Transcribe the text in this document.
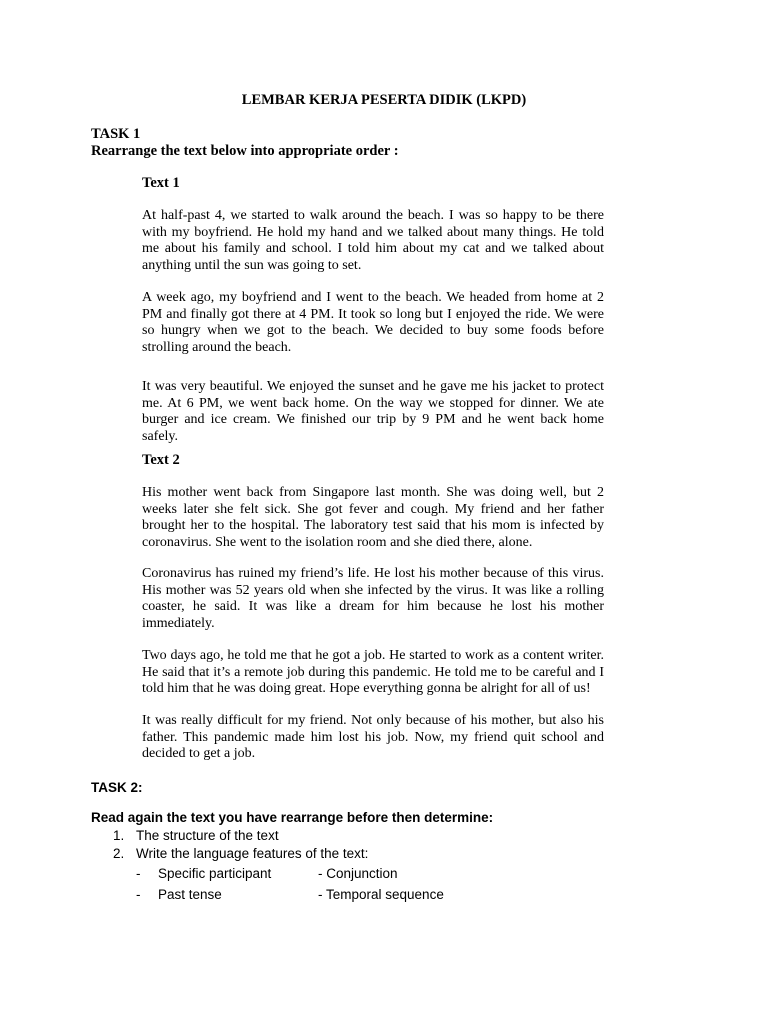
LEMBAR KERJA PESERTA DIDIK (LKPD)
TASK 1
Rearrange the text below into appropriate order :
Text 1
At half-past 4, we started to walk around the beach. I was so happy to be there with my boyfriend. He hold my hand and we talked about many things. He told me about his family and school. I told him about my cat and we talked about anything until the sun was going to set.
A week ago, my boyfriend and I went to the beach. We headed from home at 2 PM and finally got there at 4 PM. It took so long but I enjoyed the ride. We were so hungry when we got to the beach. We decided to buy some foods before strolling around the beach.
It was very beautiful. We enjoyed the sunset and he gave me his jacket to protect me. At 6 PM, we went back home. On the way we stopped for dinner. We ate burger and ice cream. We finished our trip by 9 PM and he went back home safely.
Text 2
His mother went back from Singapore last month. She was doing well, but 2 weeks later she felt sick. She got fever and cough. My friend and her father brought her to the hospital. The laboratory test said that his mom is infected by coronavirus. She went to the isolation room and she died there, alone.
Coronavirus has ruined my friend’s life. He lost his mother because of this virus. His mother was 52 years old when she infected by the virus. It was like a rolling coaster, he said. It was like a dream for him because he lost his mother immediately.
Two days ago, he told me that he got a job. He started to work as a content writer. He said that it’s a remote job during this pandemic. He told me to be careful and I told him that he was doing great. Hope everything gonna be alright for all of us!
It was really difficult for my friend. Not only because of his mother, but also his father. This pandemic made him lost his job. Now, my friend quit school and decided to get a job.
TASK 2:
Read again the text you have rearrange before then determine:
1. The structure of the text
2. Write the language features of the text:
- Specific participant	- Conjunction
- Past tense	- Temporal sequence
